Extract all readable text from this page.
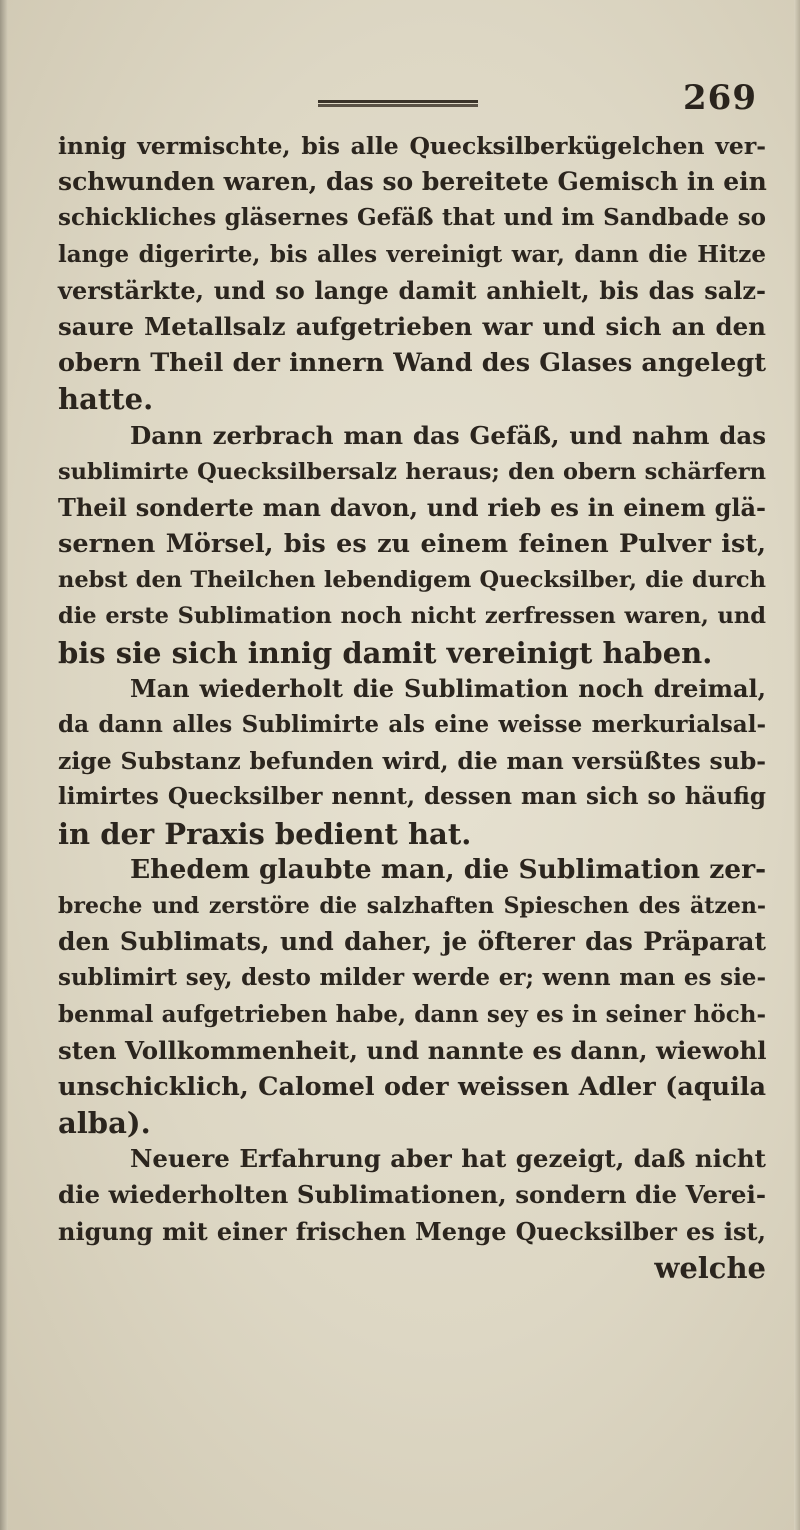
269
innig vermischte, bis alle Quecksilberkügelchen ver-
schwunden waren, das so bereitete Gemisch in ein
schickliches gläsernes Gefäß that und im Sandbade so
lange digerirte, bis alles vereinigt war, dann die Hitze
verstärkte, und so lange damit anhielt, bis das salz-
saure Metallsalz aufgetrieben war und sich an den
obern Theil der innern Wand des Glases angelegt
hatte.
Dann zerbrach man das Gefäß, und nahm das
sublimirte Quecksilbersalz heraus; den obern schärfern
Theil sonderte man davon, und rieb es in einem glä-
sernen Mörsel, bis es zu einem feinen Pulver ist,
nebst den Theilchen lebendigem Quecksilber, die durch
die erste Sublimation noch nicht zerfressen waren, und
bis sie sich innig damit vereinigt haben.
Man wiederholt die Sublimation noch dreimal,
da dann alles Sublimirte als eine weisse merkurialsal-
zige Substanz befunden wird, die man versüßtes sub-
limirtes Quecksilber nennt, dessen man sich so häufig
in der Praxis bedient hat.
Ehedem glaubte man, die Sublimation zer-
breche und zerstöre die salzhaften Spieschen des ätzen-
den Sublimats, und daher, je öfterer das Präparat
sublimirt sey, desto milder werde er; wenn man es sie-
benmal aufgetrieben habe, dann sey es in seiner höch-
sten Vollkommenheit, und nannte es dann, wiewohl
unschicklich, Calomel oder weissen Adler (aquila
alba).
Neuere Erfahrung aber hat gezeigt, daß nicht
die wiederholten Sublimationen, sondern die Verei-
nigung mit einer frischen Menge Quecksilber es ist,
welche
